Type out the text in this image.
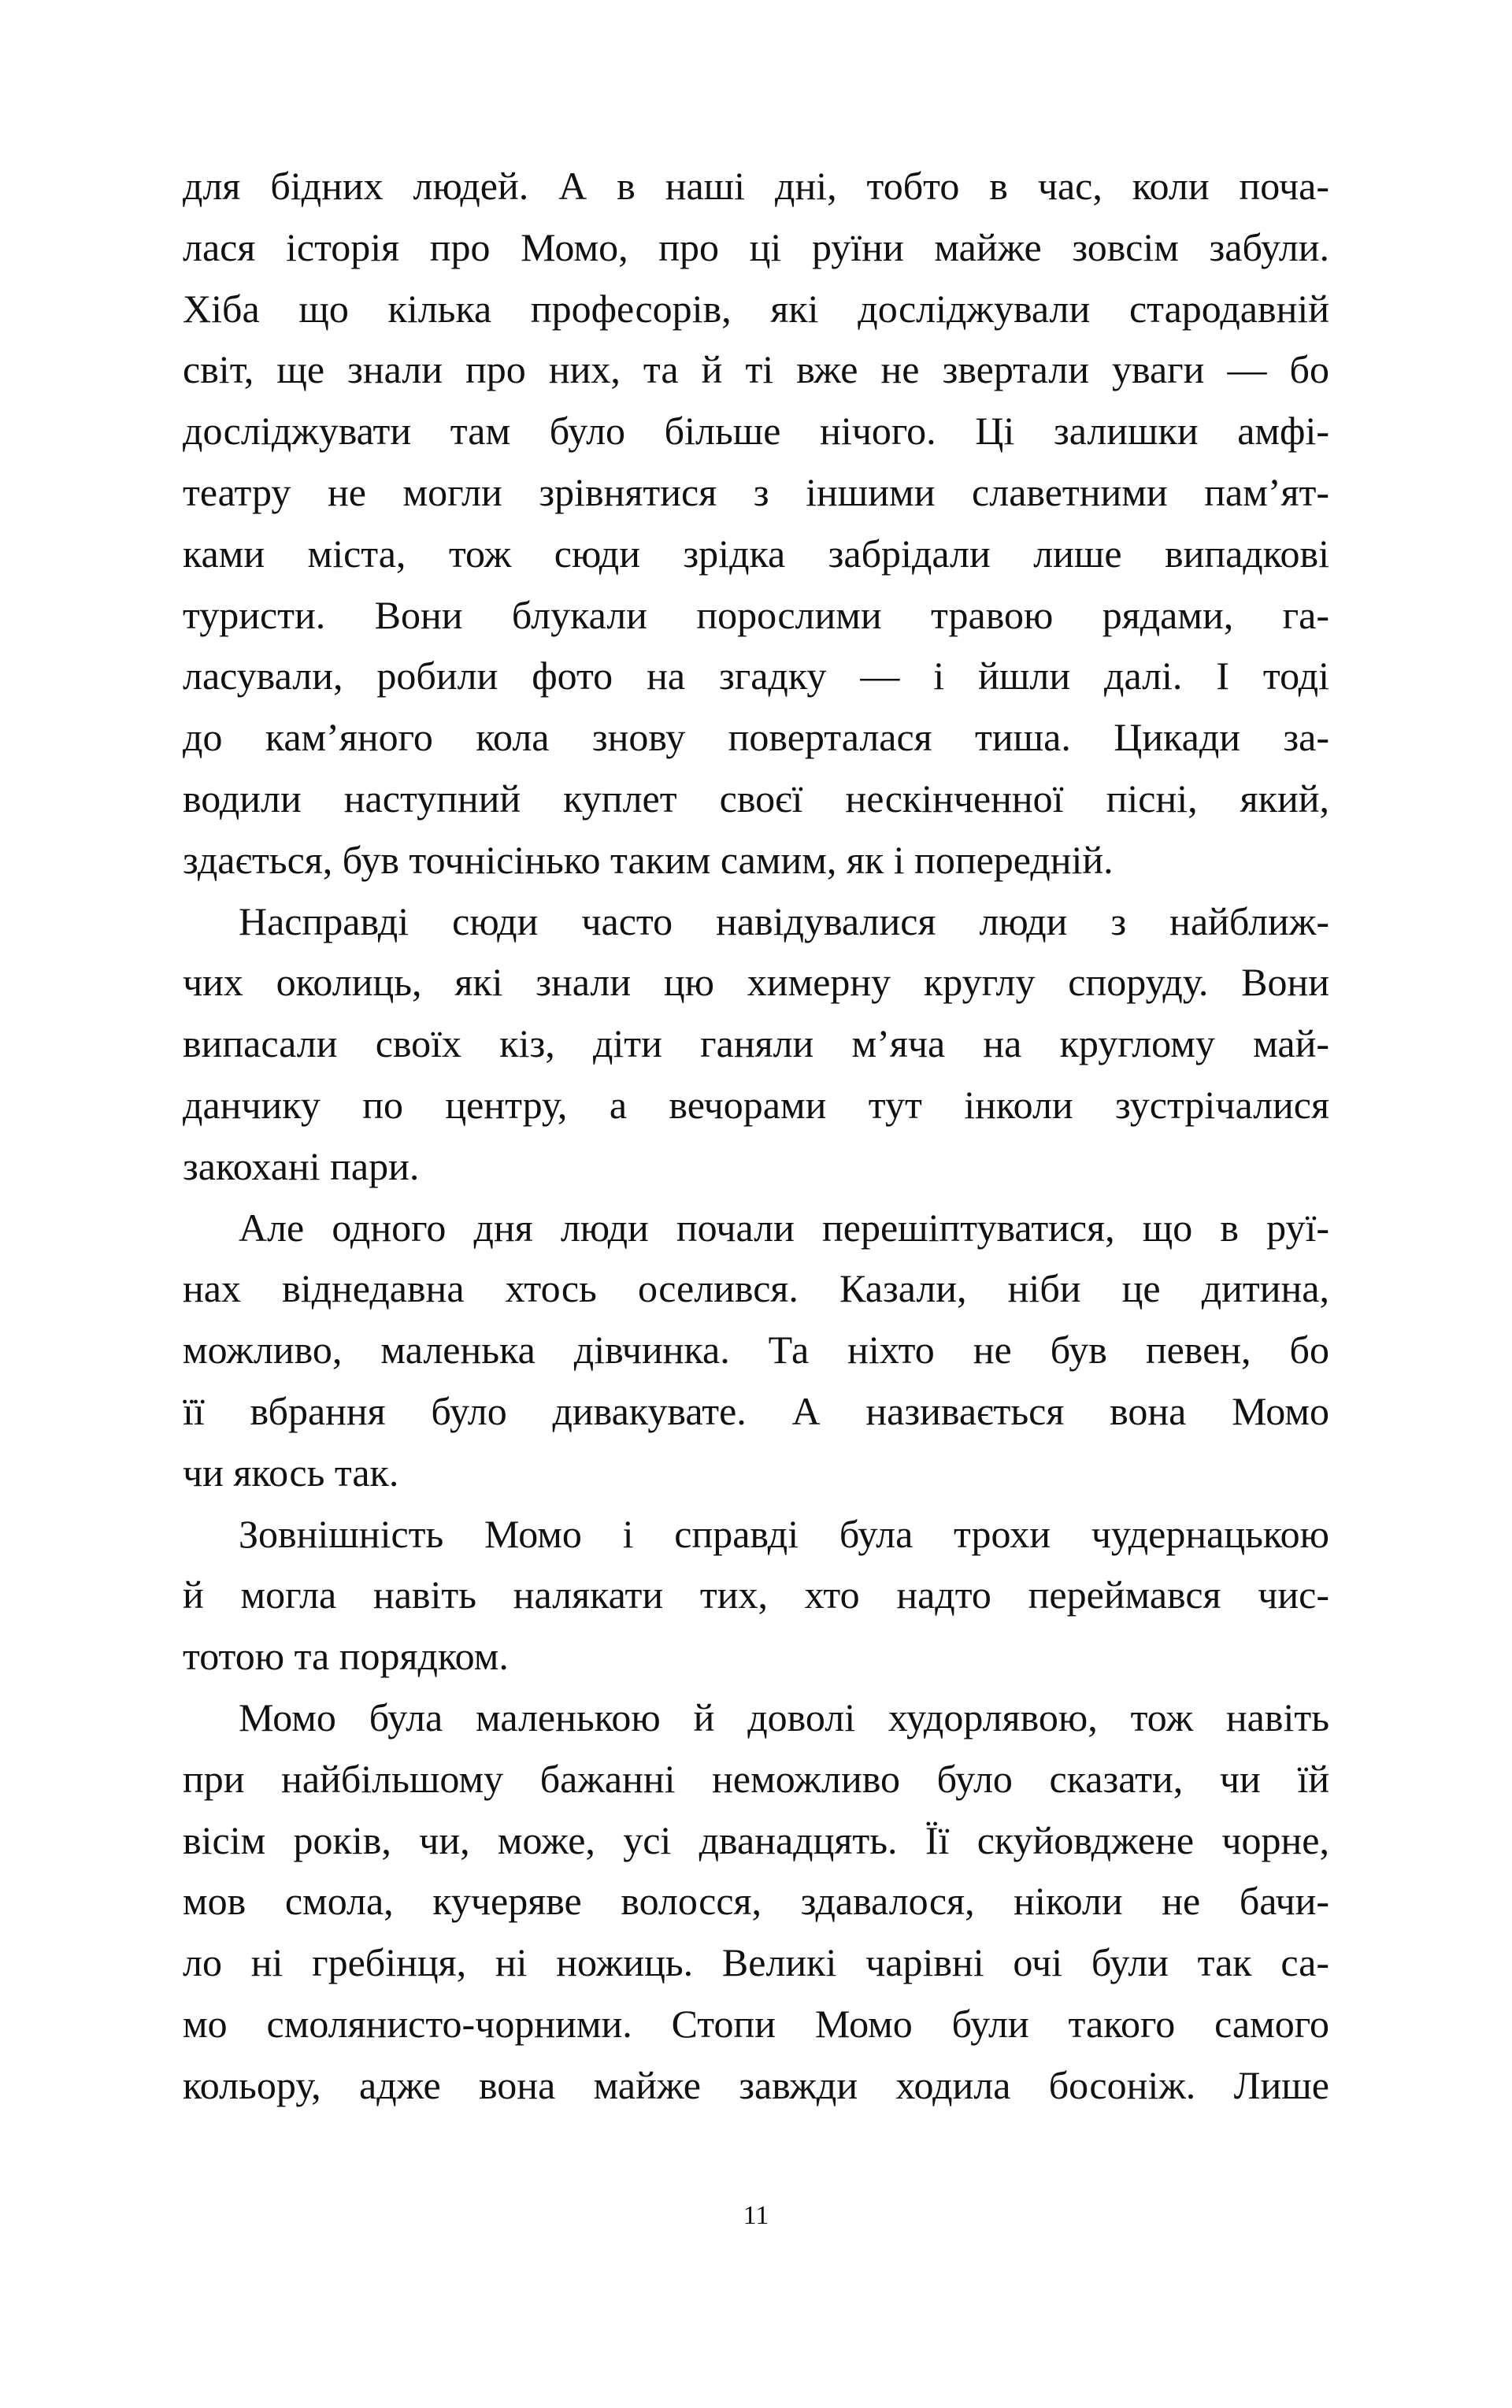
для бідних людей. А в наші дні, тобто в час, коли поча-
лася історія про Момо, про ці руїни майже зовсім забули.
Хіба що кілька професорів, які досліджували стародавній
світ, ще знали про них, та й ті вже не звертали уваги — бо
досліджувати там було більше нічого. Ці залишки амфі-
театру не могли зрівнятися з іншими славетними пам’ят-
ками міста, тож сюди зрідка забрідали лише випадкові
туристи. Вони блукали порослими травою рядами, га-
ласували, робили фото на згадку — і йшли далі. І тоді
до кам’яного кола знову поверталася тиша. Цикади за-
водили наступний куплет своєї нескінченної пісні, який,
здається, був точнісінько таким самим, як і попередній.
Насправді сюди часто навідувалися люди з найближ-
чих околиць, які знали цю химерну круглу споруду. Вони
випасали своїх кіз, діти ганяли м’яча на круглому май-
данчику по центру, а вечорами тут інколи зустрічалися
закохані пари.
Але одного дня люди почали перешіптуватися, що в руї-
нах віднедавна хтось оселився. Казали, ніби це дитина,
можливо, маленька дівчинка. Та ніхто не був певен, бо
її вбрання було дивакувате. А називається вона Момо
чи якось так.
Зовнішність Момо і справді була трохи чудернацькою
й могла навіть налякати тих, хто надто переймався чис-
тотою та порядком.
Момо була маленькою й доволі худорлявою, тож навіть
при найбільшому бажанні неможливо було сказати, чи їй
вісім років, чи, може, усі дванадцять. Її скуйовджене чорне,
мов смола, кучеряве волосся, здавалося, ніколи не бачи-
ло ні гребінця, ні ножиць. Великі чарівні очі були так са-
мо смолянисто-чорними. Стопи Момо були такого самого
кольору, адже вона майже завжди ходила босоніж. Лише
11
